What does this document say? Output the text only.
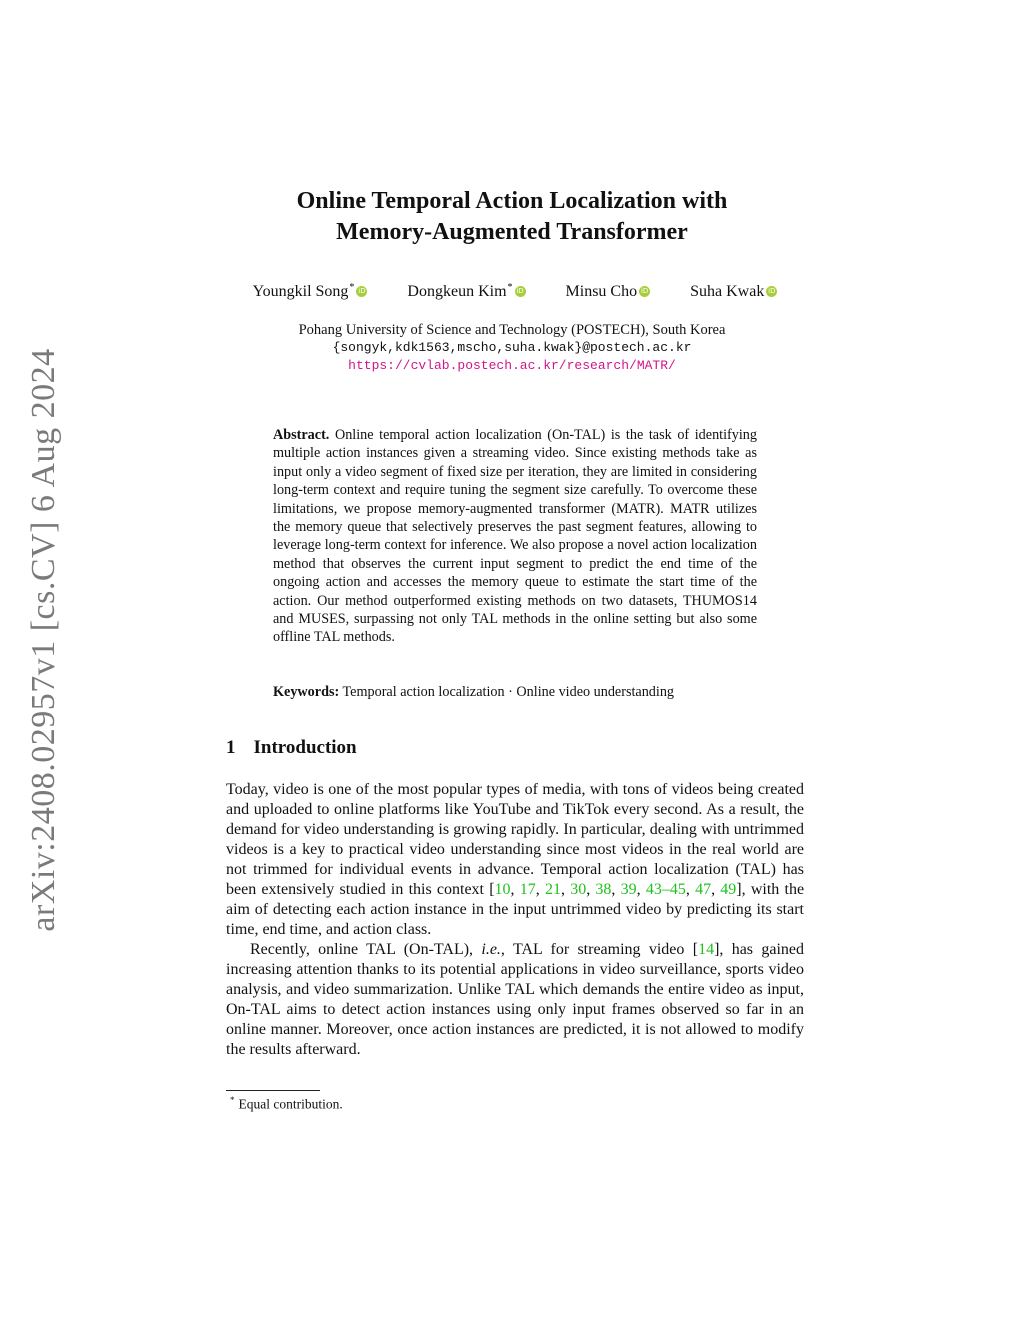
arXiv:2408.02957v1 [cs.CV] 6 Aug 2024
Online Temporal Action Localization with
Memory-Augmented Transformer
Youngkil Song* iD	Dongkeun Kim* iD	Minsu Cho iD	Suha Kwak iD
Pohang University of Science and Technology (POSTECH), South Korea
{songyk,kdk1563,mscho,suha.kwak}@postech.ac.kr
https://cvlab.postech.ac.kr/research/MATR/
Abstract. Online temporal action localization (On-TAL) is the task of identifying multiple action instances given a streaming video. Since existing methods take as input only a video segment of fixed size per iteration, they are limited in considering long-term context and require tuning the segment size carefully. To overcome these limitations, we propose memory-augmented transformer (MATR). MATR utilizes the memory queue that selectively preserves the past segment features, allowing to leverage long-term context for inference. We also propose a novel action localization method that observes the current input segment to predict the end time of the ongoing action and accesses the memory queue to estimate the start time of the action. Our method outperformed existing methods on two datasets, THUMOS14 and MUSES, surpassing not only TAL methods in the online setting but also some offline TAL methods.
Keywords: Temporal action localization · Online video understanding
1 Introduction

Today, video is one of the most popular types of media, with tons of videos being created and uploaded to online platforms like YouTube and TikTok every second. As a result, the demand for video understanding is growing rapidly. In particular, dealing with untrimmed videos is a key to practical video understanding since most videos in the real world are not trimmed for individual events in advance. Temporal action localization (TAL) has been extensively studied in this context [10, 17, 21, 30, 38, 39, 43–45, 47, 49], with the aim of detecting each action instance in the input untrimmed video by predicting its start time, end time, and action class.

Recently, online TAL (On-TAL), i.e., TAL for streaming video [14], has gained increasing attention thanks to its potential applications in video surveillance, sports video analysis, and video summarization. Unlike TAL which demands the entire video as input, On-TAL aims to detect action instances using only input frames observed so far in an online manner. Moreover, once action instances are predicted, it is not allowed to modify the results afterward.

* Equal contribution.
